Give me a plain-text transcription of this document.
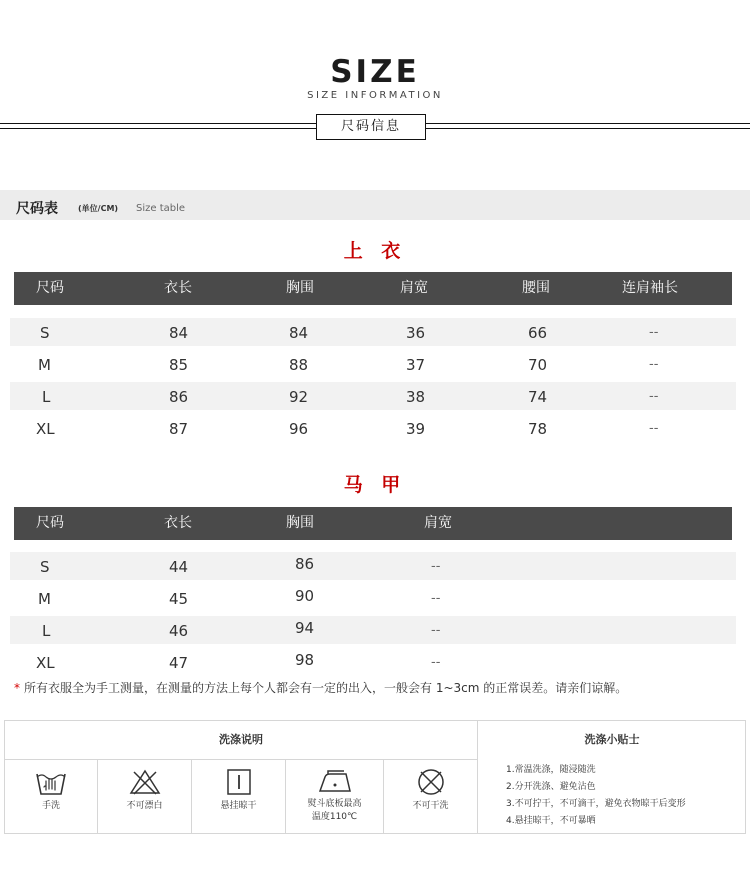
SIZE
SIZE INFORMATION
尺码信息
尺码表	(单位/CM) Size table
上 衣
尺码	衣长	胸围	肩宽	腰围	连肩袖长
S	84	84	36	66	--
M	85	88	37	70	--
L	86	92	38	74	--
XL	87	96	39	78	--
马 甲
尺码	衣长	胸围	肩宽
S	44	86	--
M	45	90	--
L	46	94	--
XL	47	98	--
* 所有衣服全为手工测量，在测量的方法上每个人都会有一定的出入，一般会有 1~3cm 的正常误差。请亲们谅解。
洗涤说明	洗涤小贴士
手洗	不可漂白	悬挂晾干	熨斗底板最高
温度110℃
不可干洗
1.常温洗涤，随浸随洗
2.分开洗涤、避免沾色
3.不可拧干，不可滴干，避免衣物晾干后变形
4.悬挂晾干，不可暴晒
